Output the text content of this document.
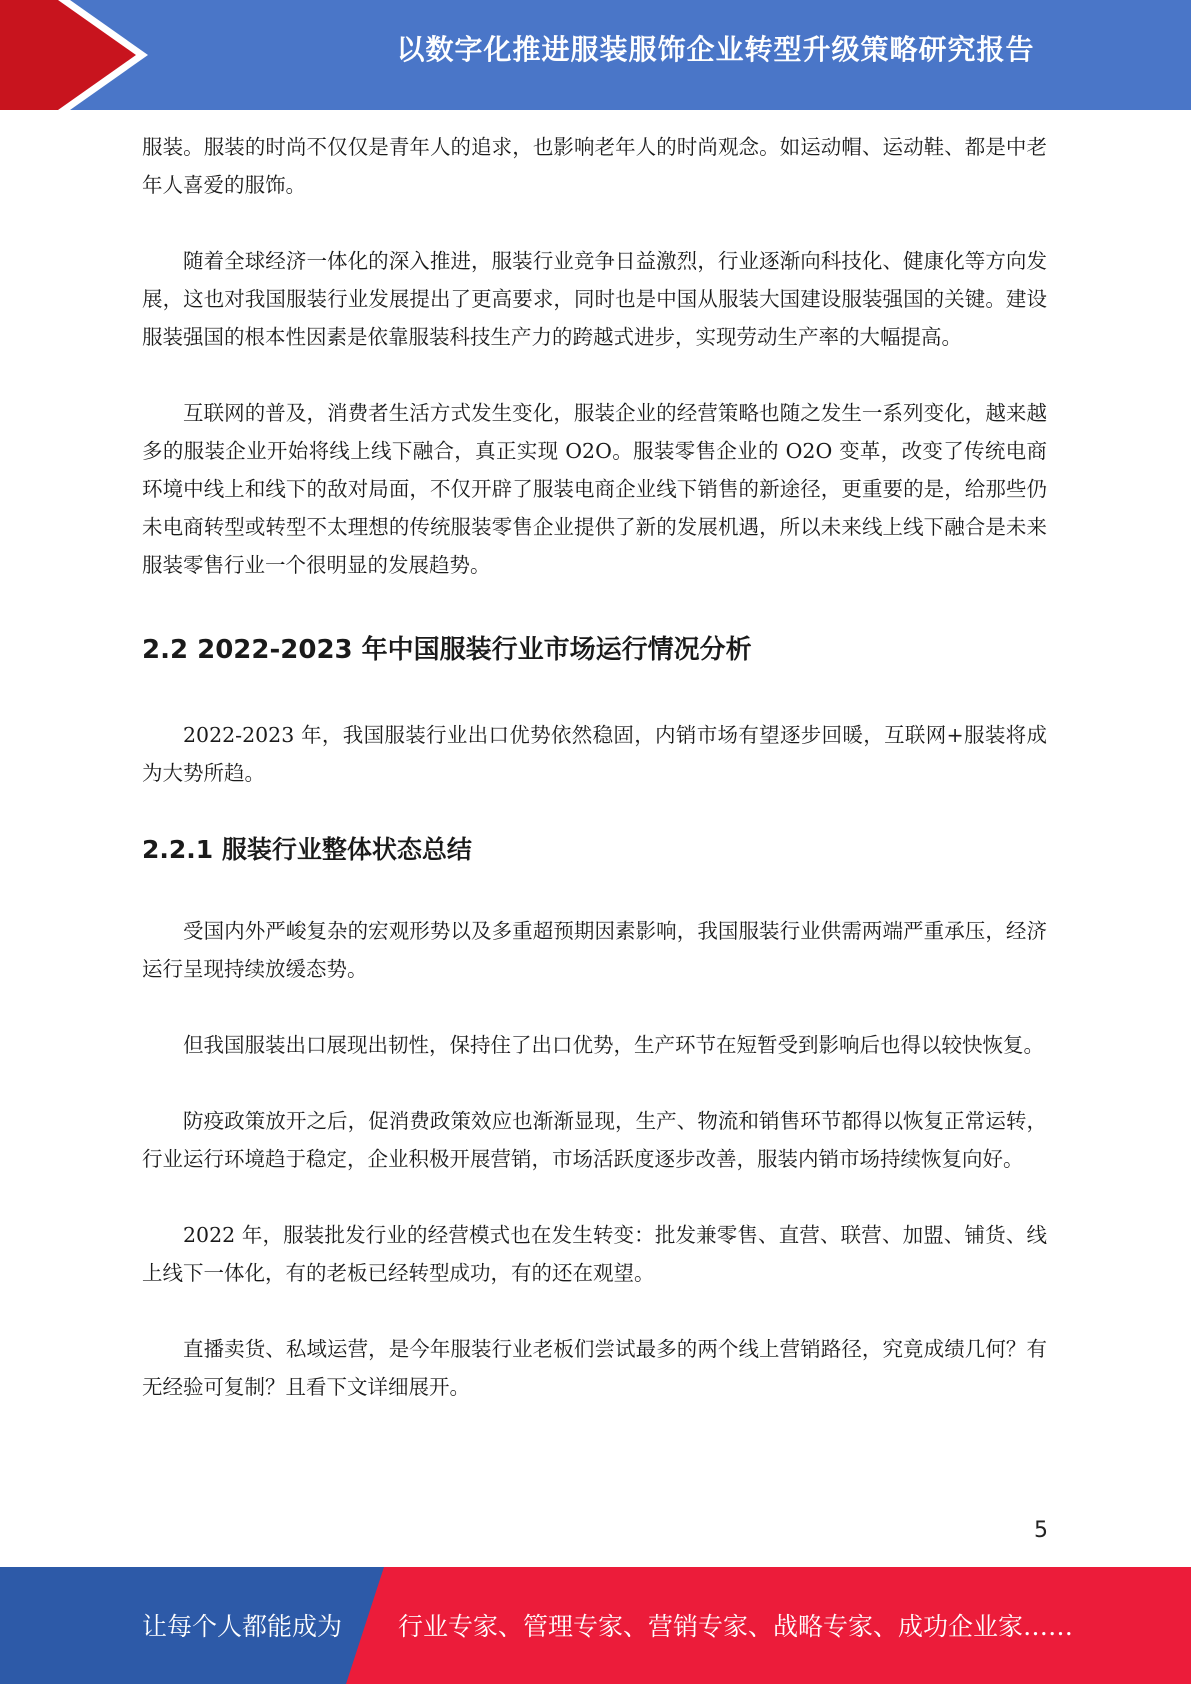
以数字化推进服装服饰企业转型升级策略研究报告

服装。服装的时尚不仅仅是青年人的追求，也影响老年人的时尚观念。如运动帽、运动鞋、都是中老年人喜爱的服饰。

随着全球经济一体化的深入推进，服装行业竞争日益激烈，行业逐渐向科技化、健康化等方向发展，这也对我国服装行业发展提出了更高要求，同时也是中国从服装大国建设服装强国的关键。建设服装强国的根本性因素是依靠服装科技生产力的跨越式进步，实现劳动生产率的大幅提高。

互联网的普及，消费者生活方式发生变化，服装企业的经营策略也随之发生一系列变化，越来越多的服装企业开始将线上线下融合，真正实现 O2O。服装零售企业的 O2O 变革，改变了传统电商环境中线上和线下的敌对局面，不仅开辟了服装电商企业线下销售的新途径，更重要的是，给那些仍未电商转型或转型不太理想的传统服装零售企业提供了新的发展机遇，所以未来线上线下融合是未来服装零售行业一个很明显的发展趋势。

2.2 2022-2023 年中国服装行业市场运行情况分析

2022-2023 年，我国服装行业出口优势依然稳固，内销市场有望逐步回暖，互联网+服装将成为大势所趋。

2.2.1 服装行业整体状态总结

受国内外严峻复杂的宏观形势以及多重超预期因素影响，我国服装行业供需两端严重承压，经济运行呈现持续放缓态势。

但我国服装出口展现出韧性，保持住了出口优势，生产环节在短暂受到影响后也得以较快恢复。

防疫政策放开之后，促消费政策效应也渐渐显现，生产、物流和销售环节都得以恢复正常运转，行业运行环境趋于稳定，企业积极开展营销，市场活跃度逐步改善，服装内销市场持续恢复向好。

2022 年，服装批发行业的经营模式也在发生转变：批发兼零售、直营、联营、加盟、铺货、线上线下一体化，有的老板已经转型成功，有的还在观望。

直播卖货、私域运营，是今年服装行业老板们尝试最多的两个线上营销路径，究竟成绩几何？有无经验可复制？且看下文详细展开。

5
让每个人都能成为 行业专家、管理专家、营销专家、战略专家、成功企业家……
